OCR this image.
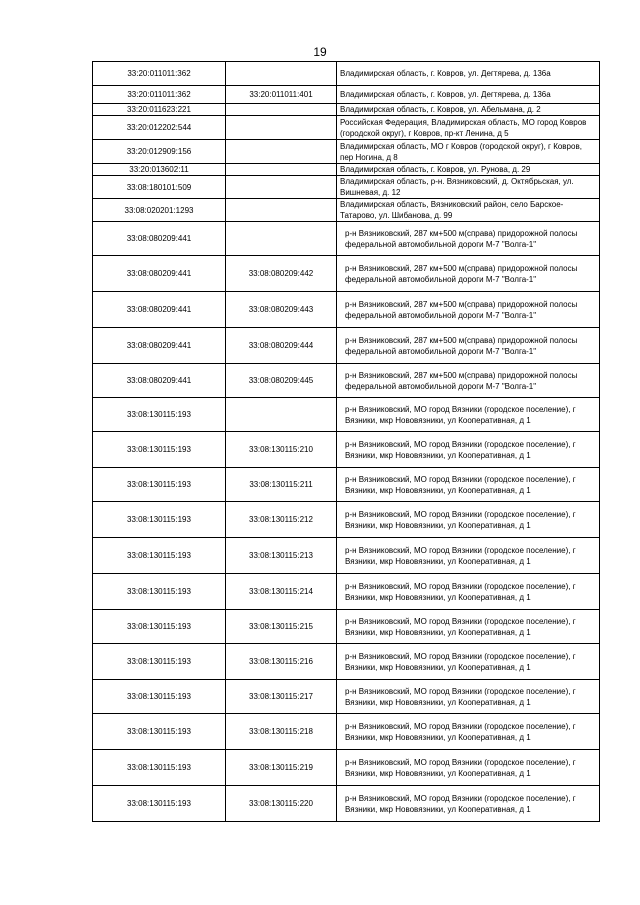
19
33:20:011011:362		Владимирская область, г. Ковров, ул. Дегтярева, д. 136а
33:20:011011:362	33:20:011011:401	Владимирская область, г. Ковров, ул. Дегтярева, д. 136а
33:20:011623:221		Владимирская область, г. Ковров, ул. Абельмана, д. 2
33:20:012202:544		Российская Федерация, Владимирская область, МО город Ковров (городской округ), г Ковров, пр-кт Ленина, д 5
33:20:012909:156		Владимирская область, МО г Ковров (городской округ), г Ковров, пер Ногина, д 8
33:20:013602:11		Владимирская область, г. Ковров, ул. Рунова, д. 29
33:08:180101:509		Владимирская область, р-н. Вязниковский, д. Октябрьская, ул. Вишневая, д. 12
33:08:020201:1293		Владимирская область, Вязниковский район, село Барское-Татарово, ул. Шибанова, д. 99
33:08:080209:441		р-н Вязниковский, 287 км+500 м(справа) придорожной полосы федеральной автомобильной дороги М-7 "Волга-1"
33:08:080209:441	33:08:080209:442	р-н Вязниковский, 287 км+500 м(справа) придорожной полосы федеральной автомобильной дороги М-7 "Волга-1"
33:08:080209:441	33:08:080209:443	р-н Вязниковский, 287 км+500 м(справа) придорожной полосы федеральной автомобильной дороги М-7 "Волга-1"
33:08:080209:441	33:08:080209:444	р-н Вязниковский, 287 км+500 м(справа) придорожной полосы федеральной автомобильной дороги М-7 "Волга-1"
33:08:080209:441	33:08:080209:445	р-н Вязниковский, 287 км+500 м(справа) придорожной полосы федеральной автомобильной дороги М-7 "Волга-1"
33:08:130115:193		р-н Вязниковский, МО город Вязники (городское поселение), г Вязники, мкр Нововязники, ул Кооперативная, д 1
33:08:130115:193	33:08:130115:210	р-н Вязниковский, МО город Вязники (городское поселение), г Вязники, мкр Нововязники, ул Кооперативная, д 1
33:08:130115:193	33:08:130115:211	р-н Вязниковский, МО город Вязники (городское поселение), г Вязники, мкр Нововязники, ул Кооперативная, д 1
33:08:130115:193	33:08:130115:212	р-н Вязниковский, МО город Вязники (городское поселение), г Вязники, мкр Нововязники, ул Кооперативная, д 1
33:08:130115:193	33:08:130115:213	р-н Вязниковский, МО город Вязники (городское поселение), г Вязники, мкр Нововязники, ул Кооперативная, д 1
33:08:130115:193	33:08:130115:214	р-н Вязниковский, МО город Вязники (городское поселение), г Вязники, мкр Нововязники, ул Кооперативная, д 1
33:08:130115:193	33:08:130115:215	р-н Вязниковский, МО город Вязники (городское поселение), г Вязники, мкр Нововязники, ул Кооперативная, д 1
33:08:130115:193	33:08:130115:216	р-н Вязниковский, МО город Вязники (городское поселение), г Вязники, мкр Нововязники, ул Кооперативная, д 1
33:08:130115:193	33:08:130115:217	р-н Вязниковский, МО город Вязники (городское поселение), г Вязники, мкр Нововязники, ул Кооперативная, д 1
33:08:130115:193	33:08:130115:218	р-н Вязниковский, МО город Вязники (городское поселение), г Вязники, мкр Нововязники, ул Кооперативная, д 1
33:08:130115:193	33:08:130115:219	р-н Вязниковский, МО город Вязники (городское поселение), г Вязники, мкр Нововязники, ул Кооперативная, д 1
33:08:130115:193	33:08:130115:220	р-н Вязниковский, МО город Вязники (городское поселение), г Вязники, мкр Нововязники, ул Кооперативная, д 1
